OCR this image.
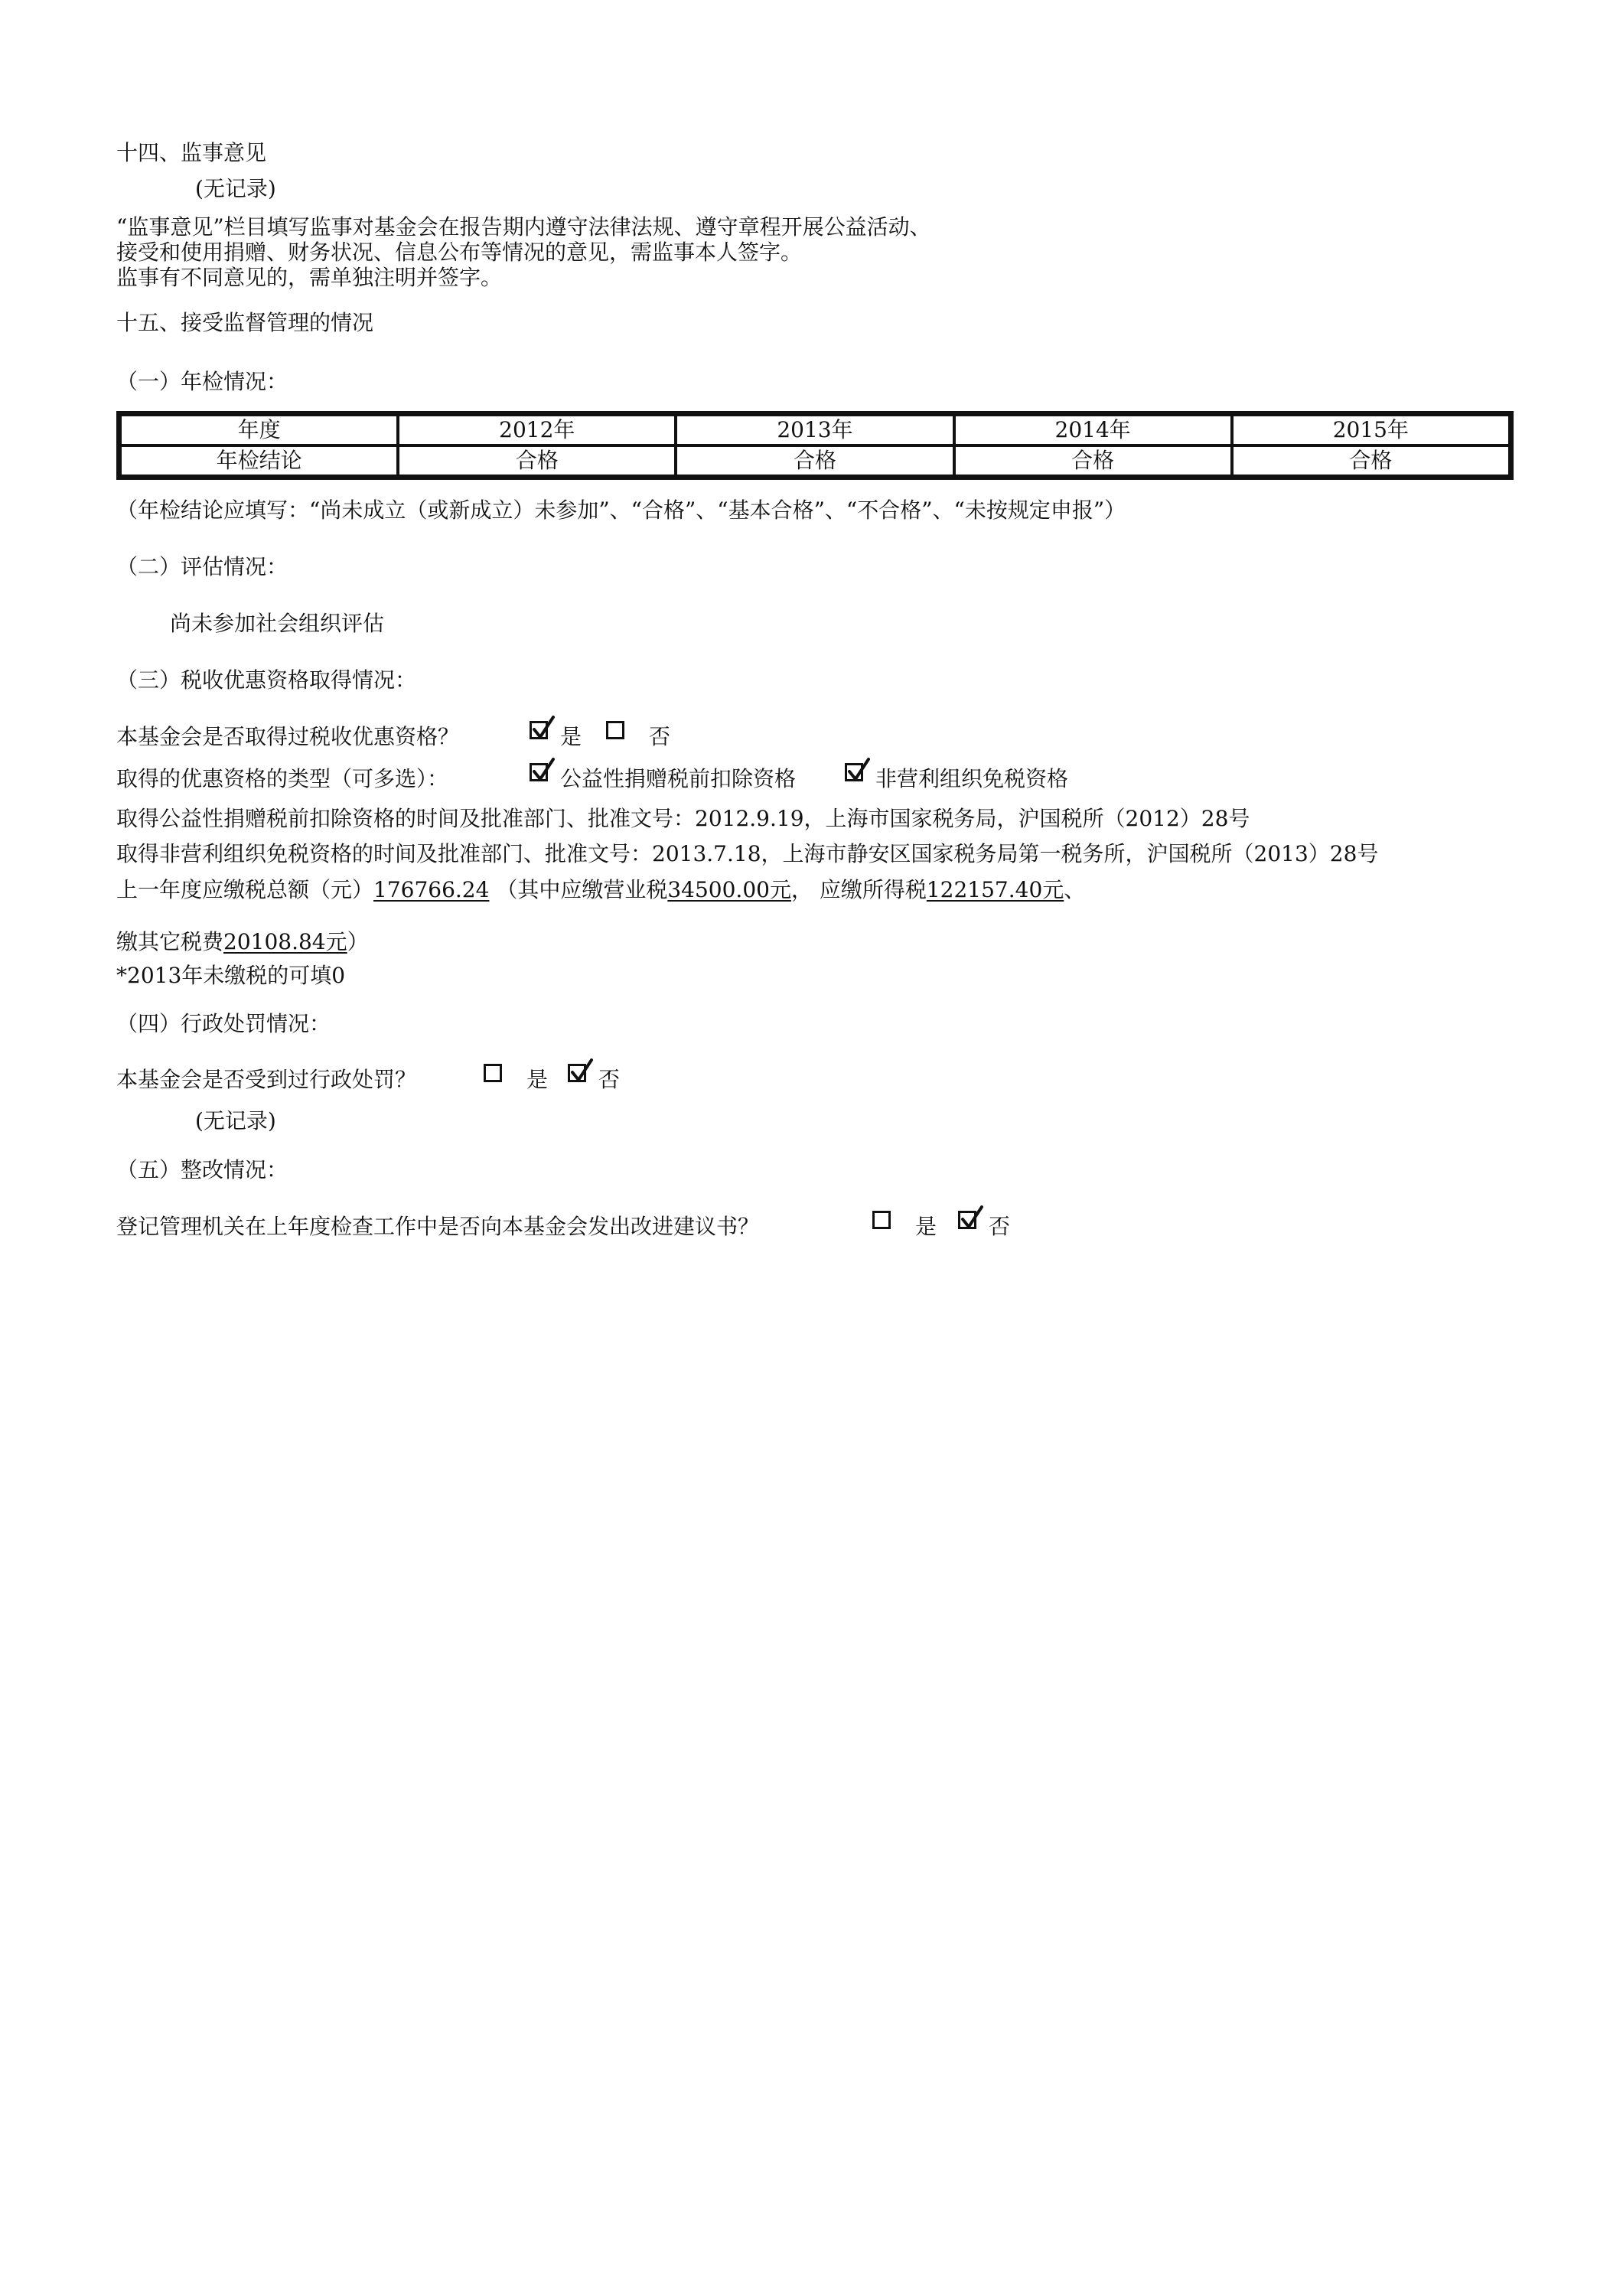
十四、监事意见
(无记录)
“监事意见”栏目填写监事对基金会在报告期内遵守法律法规、遵守章程开展公益活动、
接受和使用捐赠、财务状况、信息公布等情况的意见，需监事本人签字。
监事有不同意见的，需单独注明并签字。
十五、接受监督管理的情况
（一）年检情况：
年度	2012年	2013年	2014年	2015年
年检结论	合格	合格	合格	合格
（年检结论应填写：“尚未成立（或新成立）未参加”、“合格”、“基本合格”、“不合格”、“未按规定申报”）
（二）评估情况：
尚未参加社会组织评估
（三）税收优惠资格取得情况：
本基金会是否取得过税收优惠资格？	是	否
取得的优惠资格的类型（可多选）：	公益性捐赠税前扣除资格	非营利组织免税资格
取得公益性捐赠税前扣除资格的时间及批准部门、批准文号：2012.9.19，上海市国家税务局，沪国税所（2012）28号
取得非营利组织免税资格的时间及批准部门、批准文号：2013.7.18，上海市静安区国家税务局第一税务所，沪国税所（2013）28号
上一年度应缴税总额（元）176766.24 （其中应缴营业税34500.00元， 应缴所得税122157.40元、
缴其它税费20108.84元）
*2013年未缴税的可填0
（四）行政处罚情况：
本基金会是否受到过行政处罚？	是 否
(无记录)
（五）整改情况：
登记管理机关在上年度检查工作中是否向本基金会发出改进建议书？	是 否
